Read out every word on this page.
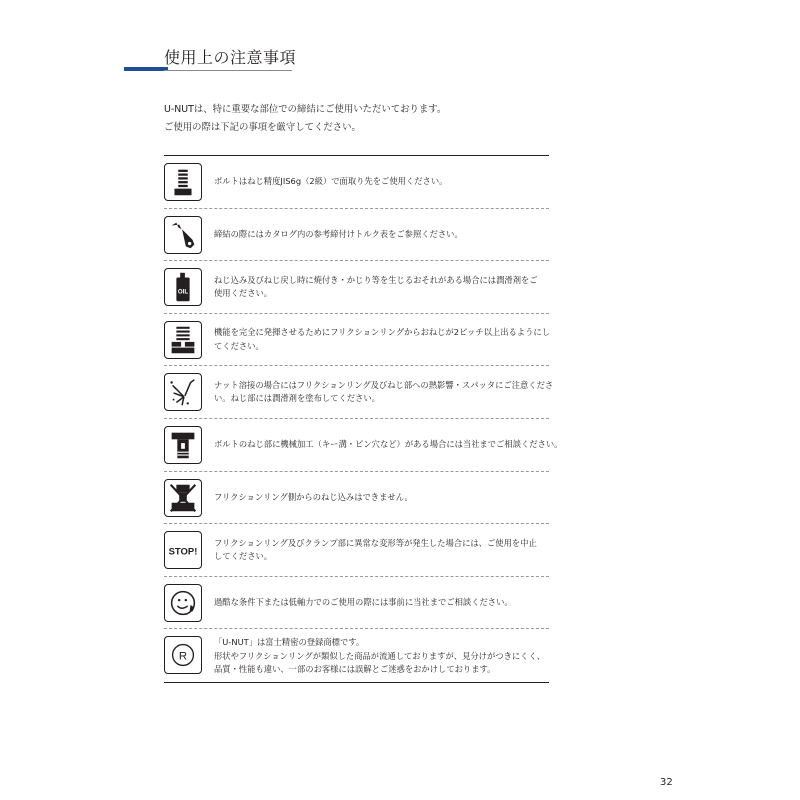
使用上の注意事項
U-NUTは、特に重要な部位での締結にご使用いただいております。
ご使用の際は下記の事項を厳守してください。
ボルトはねじ精度JIS6g（2級）で面取り先をご使用ください。
締結の際にはカタログ内の参考締付けトルク表をご参照ください。
OIL
ねじ込み及びねじ戻し時に焼付き・かじり等を生じるおそれがある場合には潤滑剤をご
使用ください。
機能を完全に発揮させるためにフリクションリングからおねじが2ピッチ以上出るようにし
てください。
ナット溶接の場合にはフリクションリング及びねじ部への熱影響・スパッタにご注意くださ
い。ねじ部には潤滑剤を塗布してください。
ボルトのねじ部に機械加工（キー溝・ピン穴など）がある場合には当社までご相談ください。
フリクションリング側からのねじ込みはできません。
STOP!
フリクションリング及びクランプ部に異常な変形等が発生した場合には、ご使用を中止
してください。
過酷な条件下または低軸力でのご使用の際には事前に当社までご相談ください。
R
「U-NUT」は富士精密の登録商標です。
形状やフリクションリングが類似した商品が流通しておりますが、見分けがつきにくく、
品質・性能も違い、一部のお客様には誤解とご迷惑をおかけしております。
32
